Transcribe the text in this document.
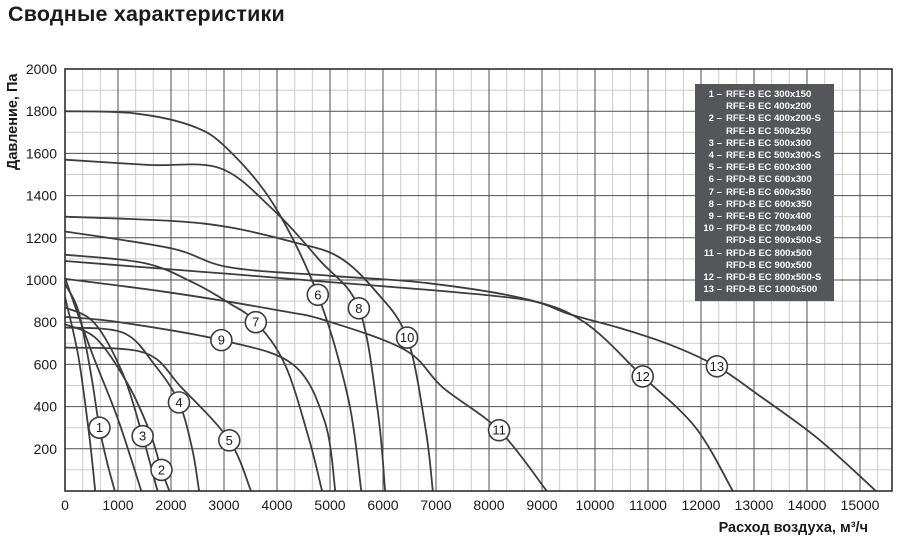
Сводные характеристики
1
3
2
4
5
9
7
6
8
10
11
12
13
0 1000 2000 3000 4000 5000 6000 7000 8000 9000 10000 11000 12000 13000 14000 15000
200
400
600
800
1000
1200
1400
1600
1800
2000
Расход воздуха, м³/ч
Давление, Па	1 – RFE-B EC 300x150
RFE-B EC 400x200
2 – RFE-B EC 400x200-S
RFE-B EC 500x250
3 – RFE-B EC 500x300
4 – RFE-B EC 500x300-S
5 – RFE-B EC 600x300
6 – RFD-B EC 600x300
7 – RFE-B EC 600x350
8 – RFD-B EC 600x350
9 – RFE-B EC 700x400
10 – RFD-B EC 700x400
RFD-B EC 900x500-S
11 – RFD-B EC 800x500
RFD-B EC 900x500
12 – RFD-B EC 800x500-S
13 – RFD-B EC 1000x500
